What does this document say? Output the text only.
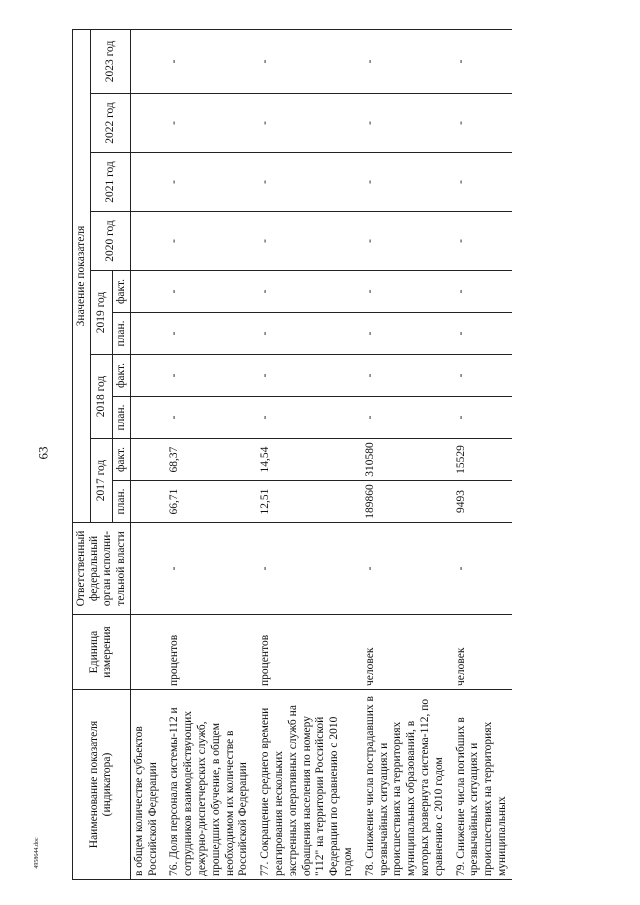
63
4958644.doc
Наименование показателя (индикатора)	Единица измерения	Ответственный федеральный орган исполни-тельной власти	Значение показателя									
			2017 год		2018 год		2019 год		2020 год	2021 год	2022 год	2023 год
			план.	факт.	план.	факт.	план.	факт.				
в общем количестве субъектов Российской Федерации												
76. Доля персонала системы-112 и сотрудников взаимодействующих дежурно-диспетчерских служб, прошедших обучение, в общем необходимом их количестве в Российской Федерации	процентов	-	66,71	68,37	-	-	-	-	-	-	-	-
77. Сокращение среднего времени реагирования нескольких экстренных оперативных служб на обращения населения по номеру "112" на территории Российской Федерации по сравнению с 2010 годом	процентов	-	12,51	14,54	-	-	-	-	-	-	-	-
78. Снижение числа пострадавших в чрезвычайных ситуациях и происшествиях на территориях муниципальных образований, в которых развернута система-112, по сравнению с 2010 годом	человек	-	189860	310580	-	-	-	-	-	-	-	-
79. Снижение числа погибших в чрезвычайных ситуациях и происшествиях на территориях муниципальных	человек	-	9493	15529	-	-	-	-	-	-	-	-
